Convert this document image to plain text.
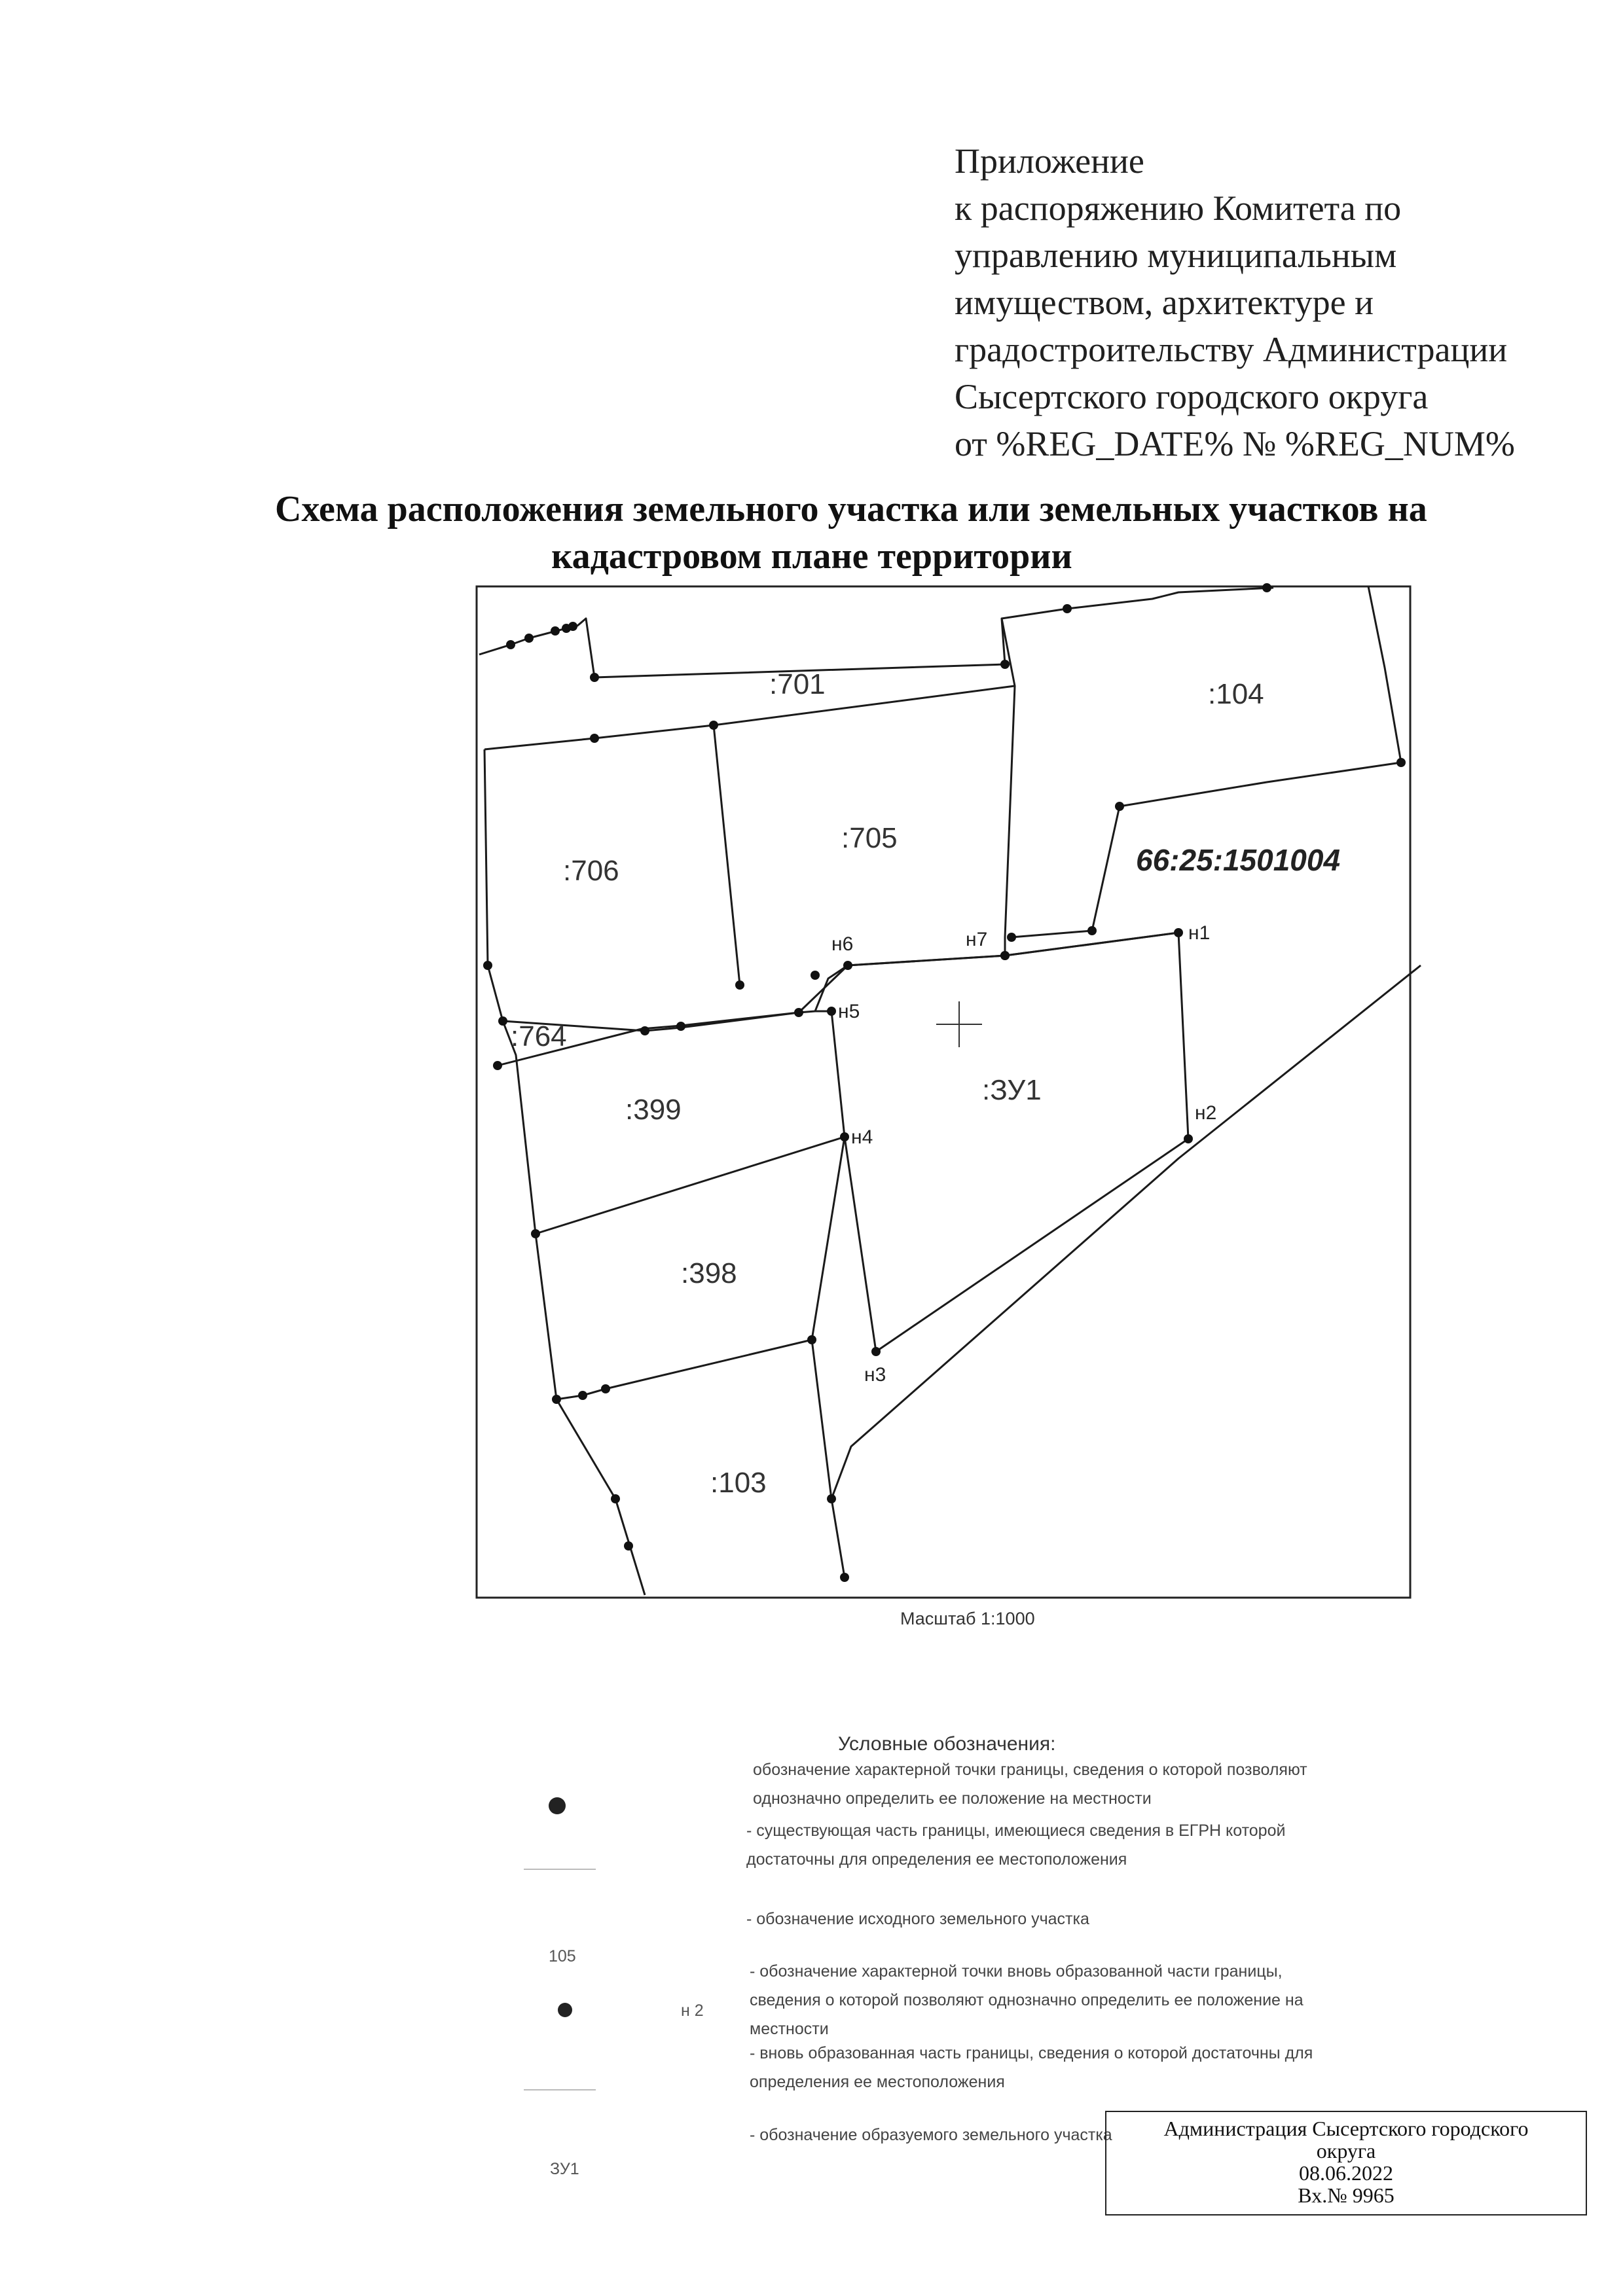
Приложение
к распоряжению Комитета по
управлению муниципальным
имуществом, архитектуре и
градостроительству Администрации
Сысертского городского округа
от %REG_DATE% № %REG_NUM%
Схема расположения земельного участка или земельных участков на
кадастровом плане территории
:701	:104
:705
:706
:764
:399
:398
:103
:ЗУ1
66:25:1501004
н1
н2
н3
н4
н5
н6	н7
Масштаб 1:1000
Условные обозначения:
обозначение характерной точки границы, сведения о которой позволяют
однозначно определить ее положение на местности
- существующая часть границы, имеющиеся сведения в ЕГРН которой
достаточны для определения ее местоположения
105
- обозначение исходного земельного участка
н 2
- обозначение характерной точки вновь образованной части границы,
сведения о которой позволяют однозначно определить ее положение на
местности
- вновь образованная часть границы, сведения о которой достаточны для
определения ее местоположения
ЗУ1
- обозначение образуемого земельного участка	Администрация Сысертского городского
округа
08.06.2022
Вх.№ 9965
